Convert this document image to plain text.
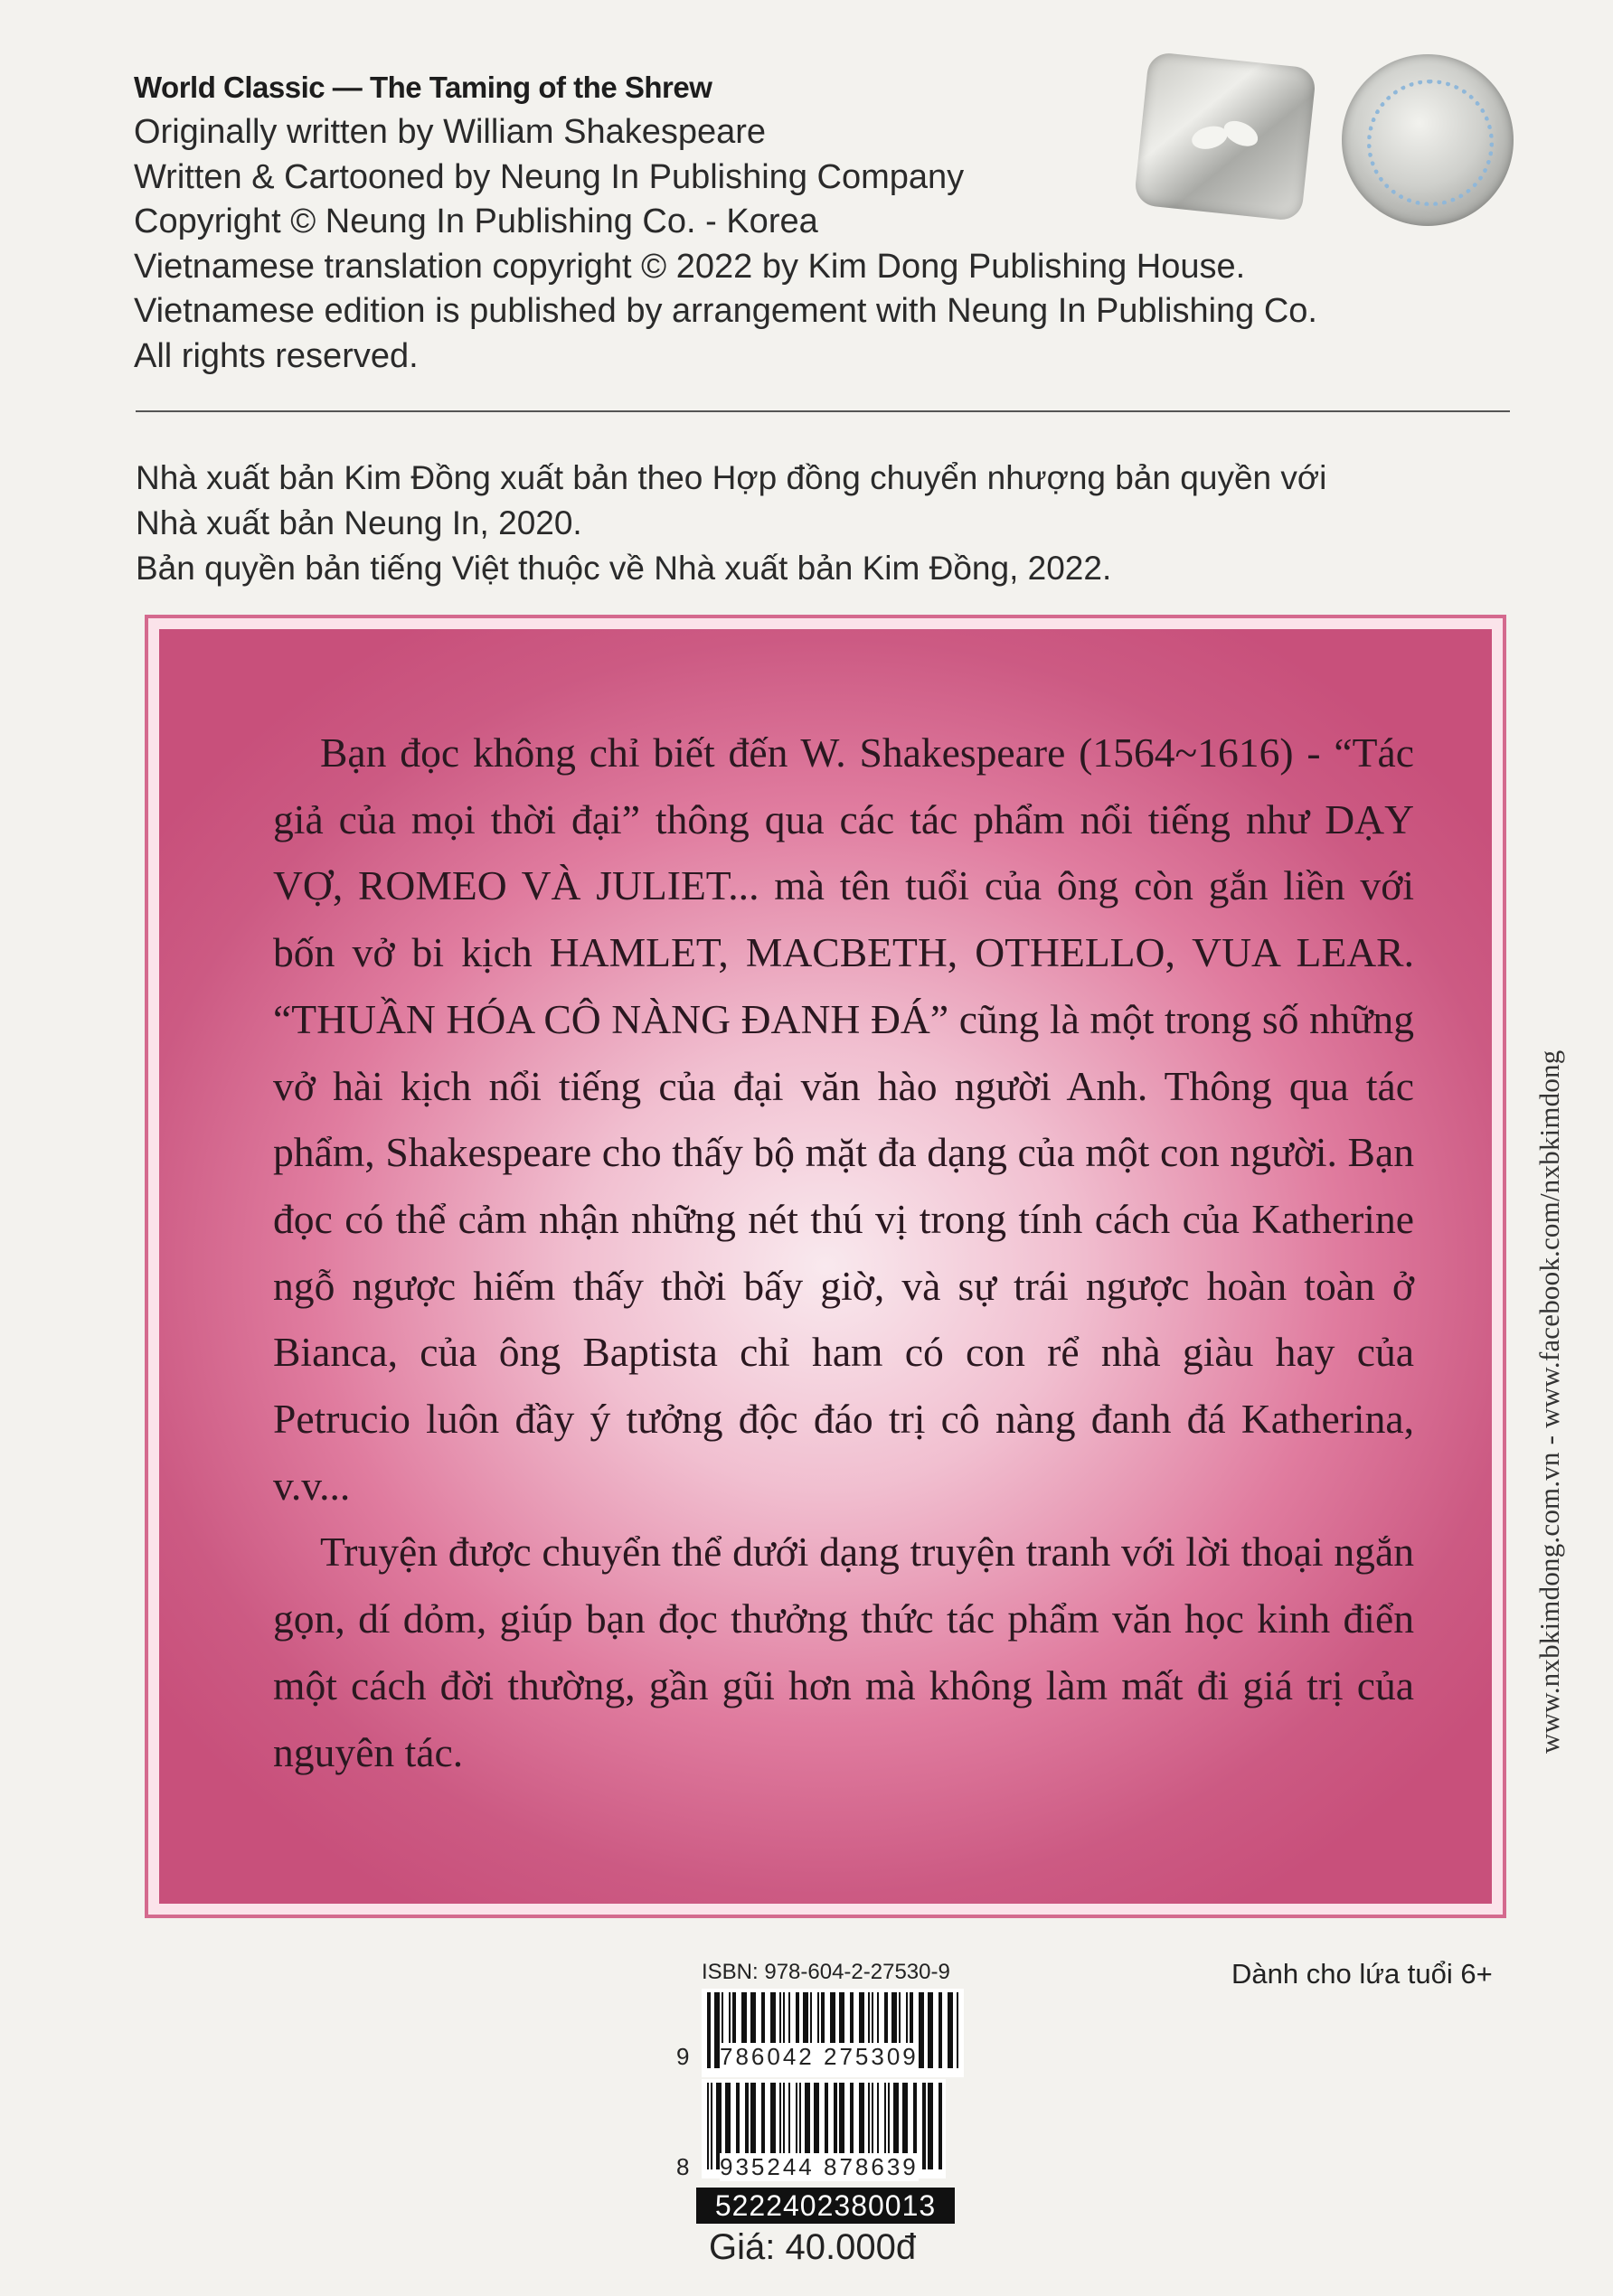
World Classic — The Taming of the Shrew
Originally written by William Shakespeare
Written & Cartooned by Neung In Publishing Company
Copyright © Neung In Publishing Co. - Korea
Vietnamese translation copyright © 2022 by Kim Dong Publishing House.
Vietnamese edition is published by arrangement with Neung In Publishing Co.
All rights reserved.
Nhà xuất bản Kim Đồng xuất bản theo Hợp đồng chuyển nhượng bản quyền với
Nhà xuất bản Neung In, 2020.
Bản quyền bản tiếng Việt thuộc về Nhà xuất bản Kim Đồng, 2022.

Bạn đọc không chỉ biết đến W. Shakespeare (1564~1616) - “Tác giả của mọi thời đại” thông qua các tác phẩm nổi tiếng như DẠY VỢ, ROMEO VÀ JULIET... mà tên tuổi của ông còn gắn liền với bốn vở bi kịch HAMLET, MACBETH, OTHELLO, VUA LEAR. “THUẦN HÓA CÔ NÀNG ĐANH ĐÁ” cũng là một trong số những vở hài kịch nổi tiếng của đại văn hào người Anh. Thông qua tác phẩm, Shakespeare cho thấy bộ mặt đa dạng của một con người. Bạn đọc có thể cảm nhận những nét thú vị trong tính cách của Katherine ngỗ ngược hiếm thấy thời bấy giờ, và sự trái ngược hoàn toàn ở Bianca, của ông Baptista chỉ ham có con rể nhà giàu hay của Petrucio luôn đầy ý tưởng độc đáo trị cô nàng đanh đá Katherina, v.v...

Truyện được chuyển thể dưới dạng truyện tranh với lời thoại ngắn gọn, dí dỏm, giúp bạn đọc thưởng thức tác phẩm văn học kinh điển một cách đời thường, gần gũi hơn mà không làm mất đi giá trị của nguyên tác.	www.nxbkimdong.com.vn - www.facebook.com/nxbkimdong
Dành cho lứa tuổi 6+
ISBN: 978-604-2-27530-9
9 786042 275309
8 935244 878639
5222402380013
Giá: 40.000đ
